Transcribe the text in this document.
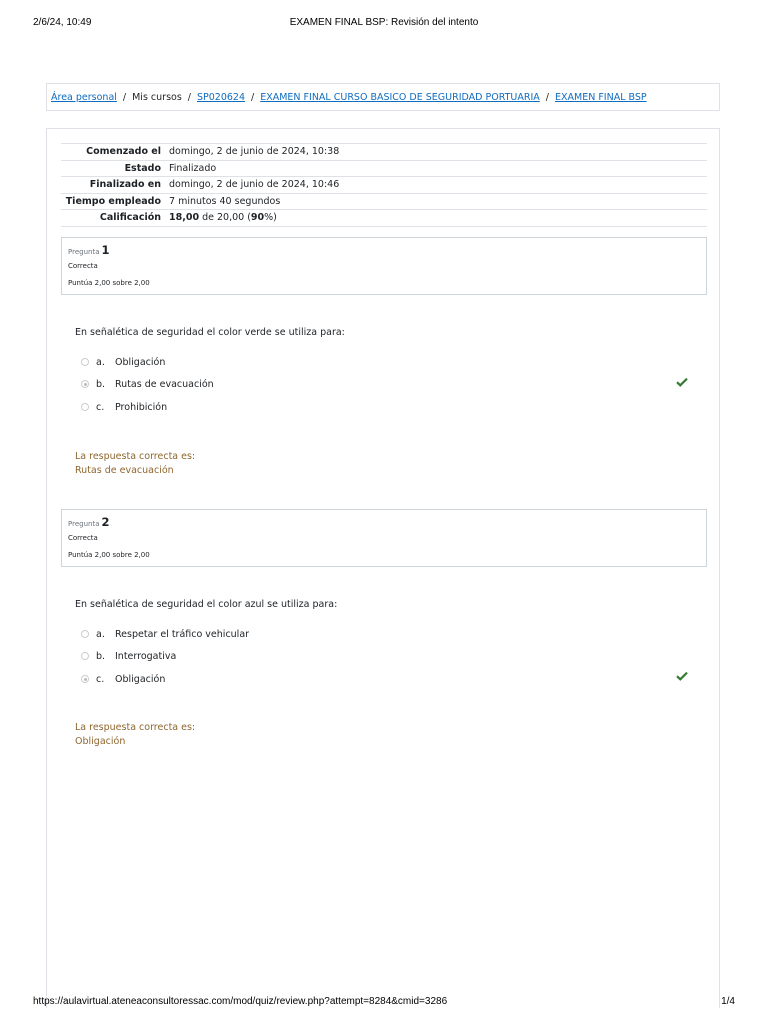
2/6/24, 10:49	EXAMEN FINAL BSP: Revisión del intento
Área personal / Mis cursos / SP020624 / EXAMEN FINAL CURSO BASICO DE SEGURIDAD PORTUARIA / EXAMEN FINAL BSP
Comenzado el	domingo, 2 de junio de 2024, 10:38
Estado	Finalizado
Finalizado en	domingo, 2 de junio de 2024, 10:46
Tiempo empleado	7 minutos 40 segundos
Calificación	18,00 de 20,00 (90%)
Pregunta 1
Correcta
Puntúa 2,00 sobre 2,00
En señalética de seguridad el color verde se utiliza para:
a.	Obligación
b.	Rutas de evacuación
c.	Prohibición
La respuesta correcta es:
Rutas de evacuación
Pregunta 2
Correcta
Puntúa 2,00 sobre 2,00
En señalética de seguridad el color azul se utiliza para:
a.	Respetar el tráfico vehicular
b.	Interrogativa
c.	Obligación
La respuesta correcta es:
Obligación
https://aulavirtual.ateneaconsultoressac.com/mod/quiz/review.php?attempt=8284&cmid=3286	1/4
